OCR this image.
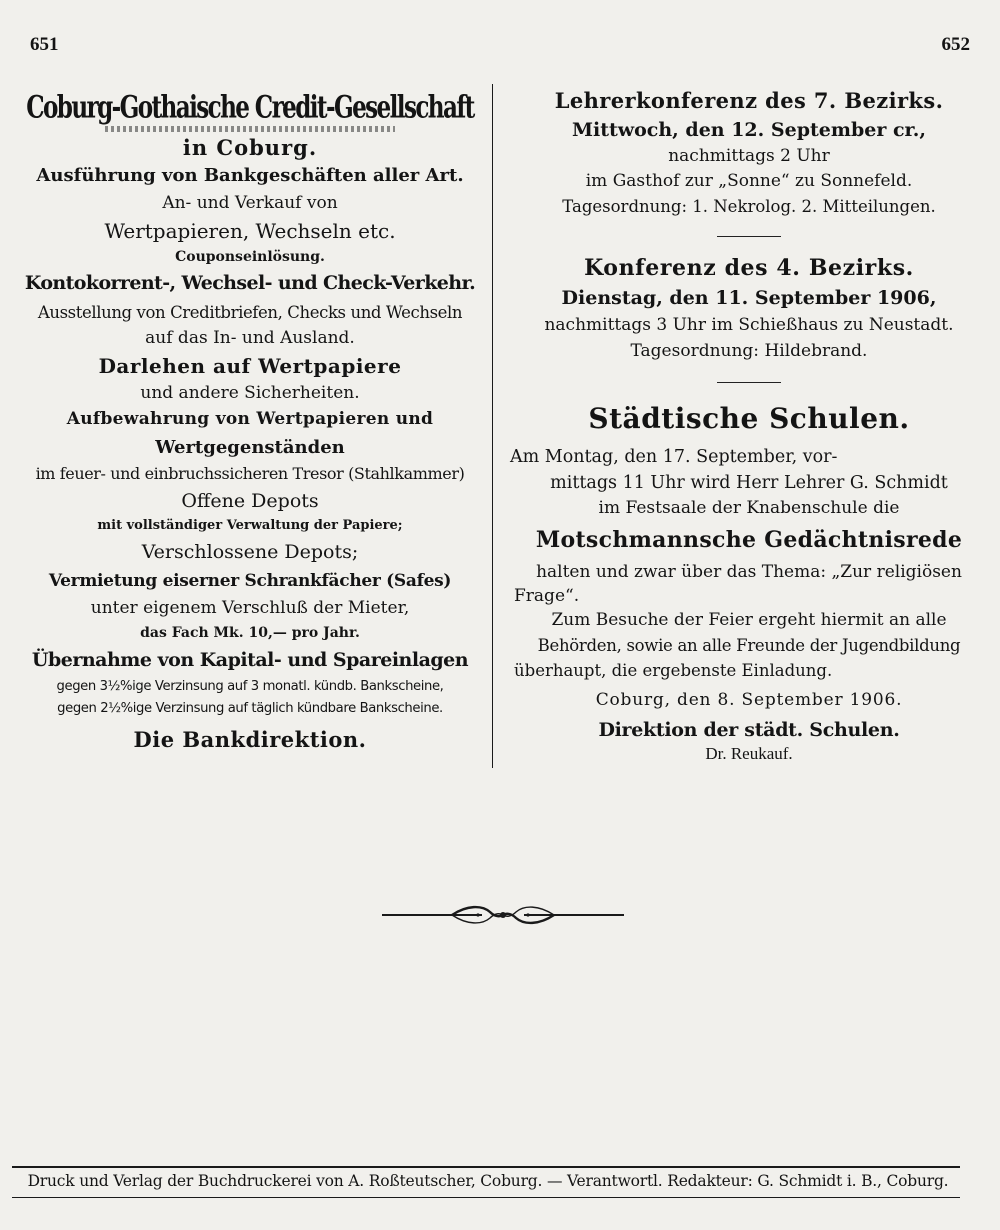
651	652
Coburg-Gothaische Credit-Gesellschaft
in Coburg.
Ausführung von Bankgeschäften aller Art.
An- und Verkauf von
Wertpapieren, Wechseln etc.
Couponseinlösung.
Kontokorrent-, Wechsel- und Check-Verkehr.
Ausstellung von Creditbriefen, Checks und Wechseln
auf das In- und Ausland.
Darlehen auf Wertpapiere
und andere Sicherheiten.
Aufbewahrung von Wertpapieren und
Wertgegenständen
im feuer- und einbruchssicheren Tresor (Stahlkammer)
Offene Depots
mit vollständiger Verwaltung der Papiere;
Verschlossene Depots;
Vermietung eiserner Schrankfächer (Safes)
unter eigenem Verschluß der Mieter,
das Fach Mk. 10,— pro Jahr.
Übernahme von Kapital- und Spareinlagen
gegen 3½%ige Verzinsung auf 3 monatl. kündb. Bankscheine,
gegen 2½%ige Verzinsung auf täglich kündbare Bankscheine.
Die Bankdirektion.
Lehrerkonferenz des 7. Bezirks.
Mittwoch, den 12. September cr.,
nachmittags 2 Uhr
im Gasthof zur „Sonne“ zu Sonnefeld.
Tagesordnung: 1. Nekrolog. 2. Mitteilungen.
Konferenz des 4. Bezirks.
Dienstag, den 11. September 1906,
nachmittags 3 Uhr im Schießhaus zu Neustadt.
Tagesordnung: Hildebrand.
Städtische Schulen.
Am Montag, den 17. September, vor-
mittags 11 Uhr wird Herr Lehrer G. Schmidt
im Festsaale der Knabenschule die
Motschmannsche Gedächtnisrede
halten und zwar über das Thema: „Zur religiösen
Frage“.
Zum Besuche der Feier ergeht hiermit an alle
Behörden, sowie an alle Freunde der Jugendbildung
überhaupt, die ergebenste Einladung.
Coburg, den 8. September 1906.
Direktion der städt. Schulen.
Dr. Reukauf.
Druck und Verlag der Buchdruckerei von A. Roßteutscher, Coburg. — Verantwortl. Redakteur: G. Schmidt i. B., Coburg.
